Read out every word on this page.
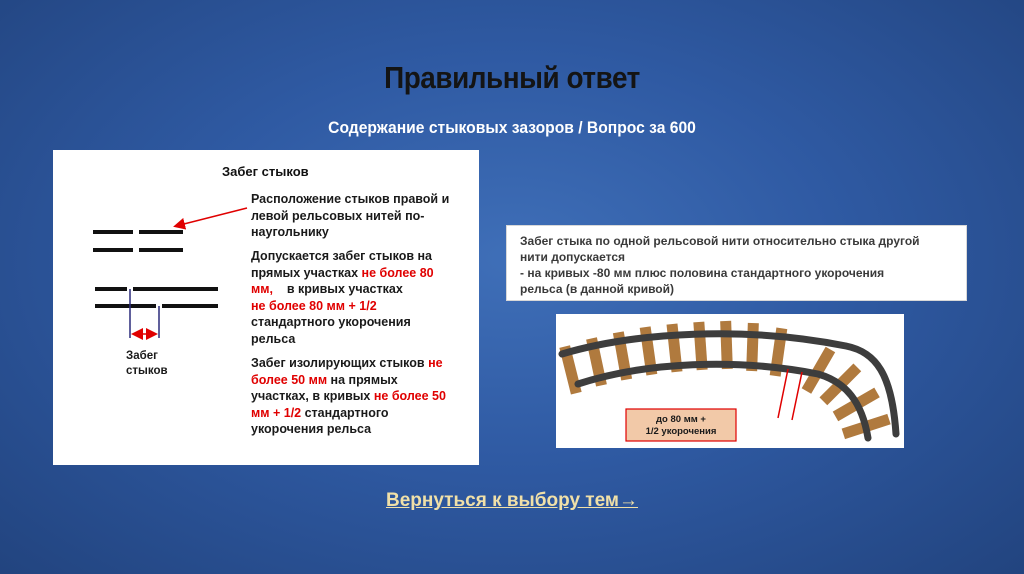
Правильный ответ
Содержание стыковых зазоров / Вопрос за 600
Забег стыков
Забег
стыков
Расположение стыков правой и
левой рельсовых нитей по-
наугольнику
Допускается забег стыков на
прямых участках не более 80
мм,    в кривых участках
не более 80 мм + 1/2
стандартного укорочения
рельса
Забег изолирующих стыков не
более 50 мм на прямых
участках, в кривых не более 50
мм + 1/2 стандартного
укорочения рельса
Забег стыка по одной рельсовой нити относительно стыка другой
нити допускается
- на кривых -80 мм плюс половина стандартного укорочения
рельса (в данной кривой)
до 80 мм +
1/2 укорочения
Вернуться к выбору тем→
